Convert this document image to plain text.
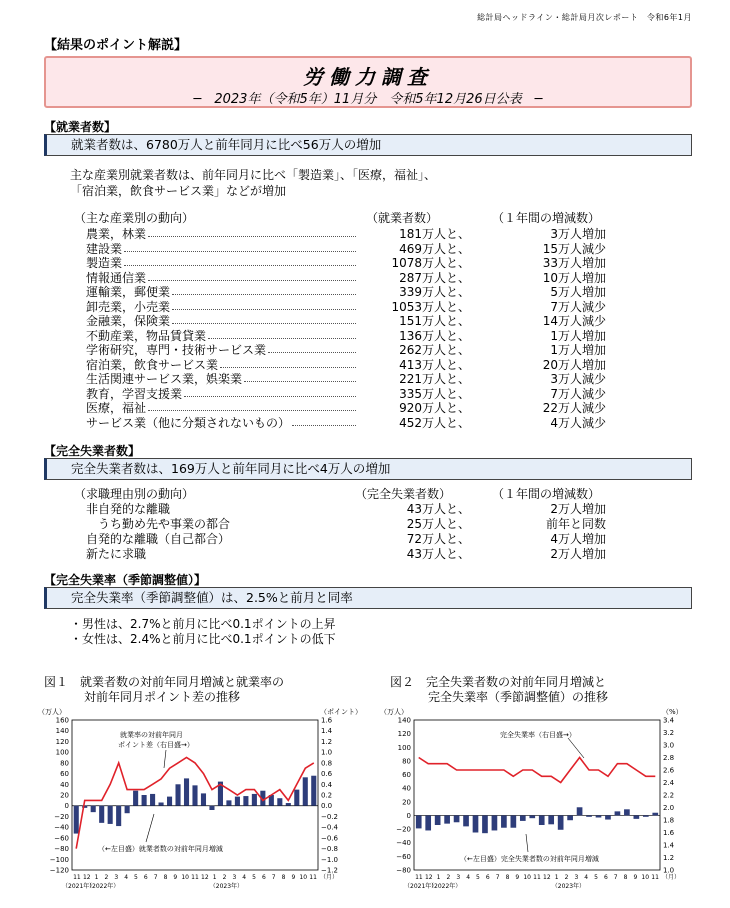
総計局ヘッドライン・総計局月次レポート　令和6年1月
【結果のポイント解説】
労働力調査
─　2023年（令和5年）11月分　令和5年12月26日公表　─
【就業者数】
就業者数は、6780万人と前年同月に比べ56万人の増加
主な産業別就業者数は、前年同月に比べ「製造業」、「医療，福祉」、
「宿泊業，飲食サービス業」などが増加
（主な産業別の動向）	（就業者数）	（１年間の増減数）
農業，林業	181万人と、	3万人増加
建設業	469万人と、	15万人減少
製造業	1078万人と、	33万人増加
情報通信業	287万人と、	10万人増加
運輸業，郵便業	339万人と、	5万人増加
卸売業，小売業	1053万人と、	7万人減少
金融業，保険業	151万人と、	14万人減少
不動産業，物品賃貸業	136万人と、	1万人増加
学術研究，専門・技術サービス業	262万人と、	1万人増加
宿泊業，飲食サービス業	413万人と、	20万人増加
生活関連サービス業，娯楽業	221万人と、	3万人減少
教育，学習支援業	335万人と、	7万人減少
医療，福祉	920万人と、	22万人減少
サービス業（他に分類されないもの）	452万人と、	4万人減少
【完全失業者数】
完全失業者数は、169万人と前年同月に比べ4万人の増加
（求職理由別の動向）	（完全失業者数）	（１年間の増減数）
非自発的な離職	43万人と、	2万人増加
うち勤め先や事業の都合	25万人と、	前年と同数
自発的な離職（自己都合）	72万人と、	4万人増加
新たに求職	43万人と、	2万人増加
【完全失業率（季節調整値）】
完全失業率（季節調整値）は、2.5%と前月と同率
・男性は、2.7%と前月に比べ0.1ポイントの上昇
・女性は、2.4%と前月に比べ0.1ポイントの低下
図１　就業者数の対前年同月増減と就業率の
対前年同月ポイント差の推移
図２　完全失業者数の対前年同月増減と
完全失業率（季節調整値）の推移
（万人）	（ポイント）
160
140
120
100
80
60
40
20
0
−20
−40
−60
−80
−100
−120
1.6
1.4
1.2
1.0
0.8
0.6
0.4
0.2
0.0
−0.2
−0.4
−0.6
−0.8
−1.0
−1.2
11 12 1 2 3 4 5 6 7 8 9 10 11 12 1 2 3 4 5 6 7 8 9 10 11 （月）
（2021年）
（2022年）	（2023年）
就業率の対前年同月
ポイント差（右目盛→）
（←左目盛）就業者数の対前年同月増減
（万人）	（%）
140
120
100
80
60
40
20
0
−20
−40
−60
−80
3.4
3.2
3.0
2.8
2.6
2.4
2.2
2.0
1.8
1.6
1.4
1.2
1.0
11 12 1 2 3 4 5 6 7 8 9 10 11 12 1 2 3 4 5 6 7 8 9 10 11 （月）
（2021年）
（2022年）	（2023年）
完全失業率（右目盛→）
（←左目盛）完全失業者数の対前年同月増減
